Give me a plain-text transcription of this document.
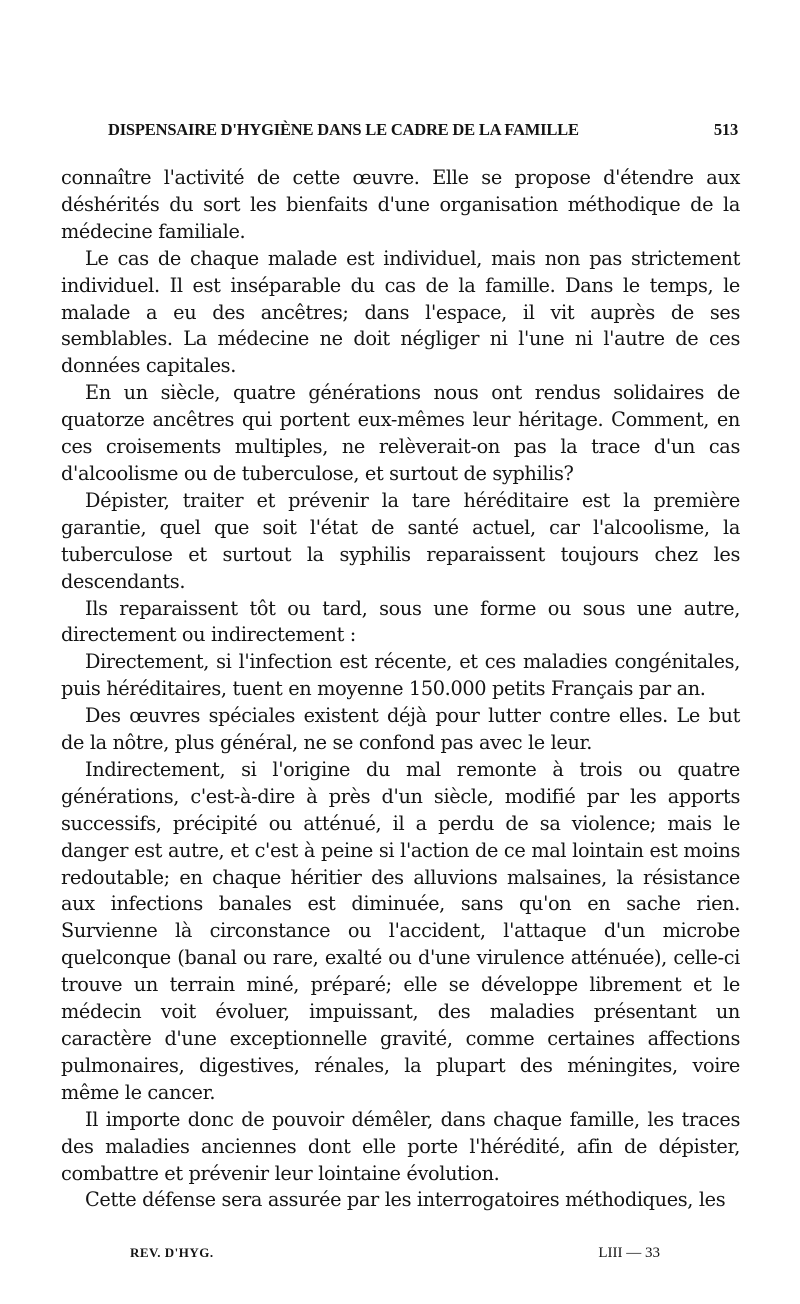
DISPENSAIRE D'HYGIÈNE DANS LE CADRE DE LA FAMILLE	513

connaître l'activité de cette œuvre. Elle se propose d'étendre aux déshérités du sort les bienfaits d'une organisation méthodique de la médecine familiale.

Le cas de chaque malade est individuel, mais non pas strictement individuel. Il est inséparable du cas de la famille. Dans le temps, le malade a eu des ancêtres; dans l'espace, il vit auprès de ses semblables. La médecine ne doit négliger ni l'une ni l'autre de ces données capitales.

En un siècle, quatre générations nous ont rendus solidaires de quatorze ancêtres qui portent eux-mêmes leur héritage. Comment, en ces croisements multiples, ne relèverait-on pas la trace d'un cas d'alcoolisme ou de tuberculose, et surtout de syphilis?

Dépister, traiter et prévenir la tare héréditaire est la première garantie, quel que soit l'état de santé actuel, car l'alcoolisme, la tuberculose et surtout la syphilis reparaissent toujours chez les descendants.

Ils reparaissent tôt ou tard, sous une forme ou sous une autre, directement ou indirectement :

Directement, si l'infection est récente, et ces maladies congénitales, puis héréditaires, tuent en moyenne 150.000 petits Français par an.

Des œuvres spéciales existent déjà pour lutter contre elles. Le but de la nôtre, plus général, ne se confond pas avec le leur.

Indirectement, si l'origine du mal remonte à trois ou quatre générations, c'est-à-dire à près d'un siècle, modifié par les apports successifs, précipité ou atténué, il a perdu de sa violence; mais le danger est autre, et c'est à peine si l'action de ce mal lointain est moins redoutable; en chaque héritier des alluvions malsaines, la résistance aux infections banales est diminuée, sans qu'on en sache rien. Survienne là circonstance ou l'accident, l'attaque d'un microbe quelconque (banal ou rare, exalté ou d'une virulence atténuée), celle-ci trouve un terrain miné, préparé; elle se développe librement et le médecin voit évoluer, impuissant, des maladies présentant un caractère d'une exceptionnelle gravité, comme certaines affections pulmonaires, digestives, rénales, la plupart des méningites, voire même le cancer.

Il importe donc de pouvoir démêler, dans chaque famille, les traces des maladies anciennes dont elle porte l'hérédité, afin de dépister, combattre et prévenir leur lointaine évolution.

Cette défense sera assurée par les interrogatoires méthodiques, les

REV. D'HYG.	LIII — 33
